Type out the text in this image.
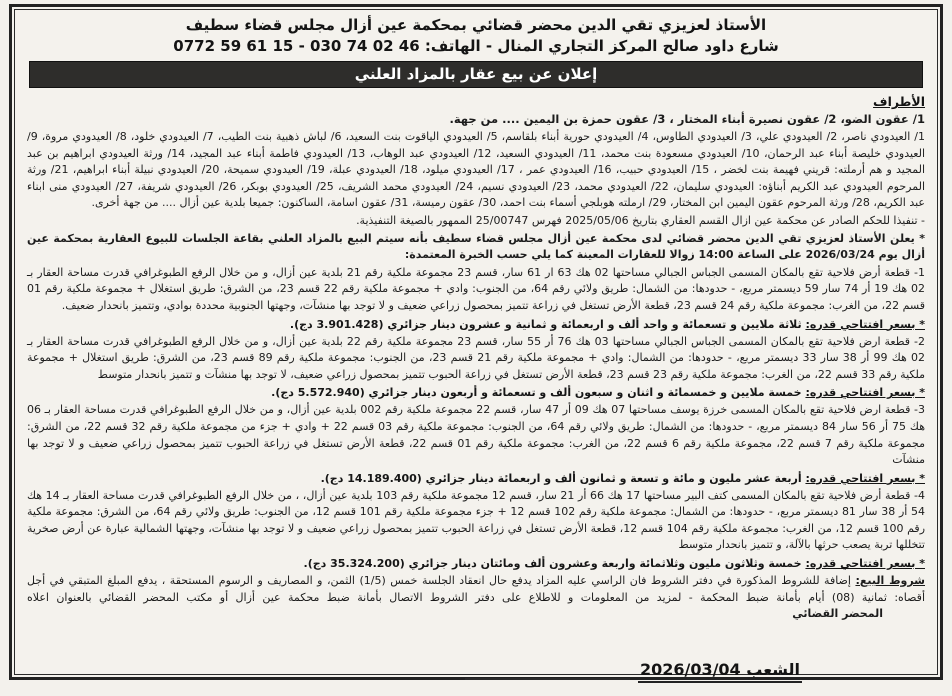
الأستاذ لعزيزي تقي الدين محضر قضائي بمحكمة عين أزال مجلس قضاء سطيف
شارع داود صالح المركز التجاري المنال - الهاتف: 46 02 74 030 - 15 61 59 0772
إعلان عن بيع عقار بالمزاد العلني
الأطراف

1/ عقون الضو، 2/ عقون نصيرة أبناء المختار ، 3/ عقون حمزة بن اليمين .... من جهة.

1/ العيدودي ناصر، 2/ العيدودي علي، 3/ العيدودي الطاوس، 4/ العيدودي حورية أبناء بلقاسم، 5/ العيدودي الياقوت بنت السعيد، 6/ لباش ذهبية بنت الطيب، 7/ العيدودي خلود، 8/ العيدودي مروة، 9/ العيدودي خليصة أبناء عبد الرحمان، 10/ العيدودي مسعودة بنت محمد، 11/ العيدودي السعيد، 12/ العيدودي عبد الوهاب، 13/ العيدودي فاطمة أبناء عبد المجيد، 14/ ورثة العيدودي ابراهيم بن عبد المجيد و هم أرملته: قريني فهيمة بنت لخضر ، 15/ العيدودي حبيب، 16/ العيدودي عمر ، 17/ العيدودي ميلود، 18/ العيدودي عبلة، 19/ العيدودي سميحة، 20/ العيدودي نبيلة أبناء ابراهيم، 21/ ورثة المرحوم العيدودي عبد الكريم أبناؤه: العيدودي سليمان، 22/ العيدودي محمد، 23/ العيدودي نسيم، 24/ العيدودي محمد الشريف، 25/ العيدودي بوبكر، 26/ العيدودي شريفة، 27/ العيدودي منى ابناء عبد الكريم، 28/ ورثة المرحوم عقون اليمين ابن المختار، 29/ ارملته هوبلجي أسماء بنت احمد، 30/ عقون رميسة، 31/ عقون اسامة، الساكنون: جميعا بلدية عين أزال .... من جهة أخرى.

- تنفيذا للحكم الصادر عن محكمة عين ازال القسم العقاري بتاريخ 2025/05/06 فهرس 25/00747 الممهور بالصيغة التنفيذية.

* يعلن الأستاذ لعزيزي تقي الدين محضر قضائي لدى محكمة عين أزال مجلس قضاء سطيف بأنه سيتم البيع بالمزاد العلني بقاعة الجلسات للبيوع العقارية بمحكمة عين أزال يوم 2026/03/24 على الساعة 14:00 زوالا للعقارات المعينة كما يلي حسب الخبرة المعتمدة:

1- قطعة أرض فلاحية تقع بالمكان المسمى الجباس الجبالي مساحتها 02 هك 63 ار 61 سار، قسم 23 مجموعة ملكية رقم 21 بلدية عين أزال، و من خلال الرفع الطبوغرافي قدرت مساحة العقار بـ 02 هك 19 أر 74 سار 59 ديسمتر مربع، - حدودها: من الشمال: طريق ولائي رقم 64، من الجنوب: وادي + مجموعة ملكية رقم 22 قسم 23، من الشرق: طريق استغلال + مجموعة ملكية رقم 01 قسم 22، من الغرب: مجموعة ملكية رقم 24 قسم 23، قطعة الأرض تستغل في زراعة تتميز بمحصول زراعي ضعيف و لا توجد بها منشآت، وجهتها الجنوبية محددة بوادي، وتتميز بانحدار ضعيف.

* بسعر افتتاحي قدره: ثلاثة ملايين و تسعمائة و واحد ألف و اربعمائة و ثمانية و عشرون دينار جزائري (3.901.428 دج).

2- قطعة ارض فلاحية تقع بالمكان المسمى الجباس الجبالي مساحتها 03 هك 76 أر 55 سار، قسم 23 مجموعة ملكية رقم 22 بلدية عين أزال، و من خلال الرفع الطبوغرافي قدرت مساحة العقار بـ 02 هك 99 أر 38 سار 33 ديسمتر مربع، - حدودها: من الشمال: وادي + مجموعة ملكية رقم 21 قسم 23، من الجنوب: مجموعة ملكية رقم 89 قسم 23، من الشرق: طريق استغلال + مجموعة ملكية رقم 33 قسم 22، من الغرب: مجموعة ملكية رقم 23 قسم 23، قطعة الأرض تستغل في زراعة الحبوب تتميز بمحصول زراعي ضعيف، لا توجد بها منشآت و تتميز بانحدار متوسط

* بسعر افتتاحي قدره: خمسة ملايين و خمسمائة و اثنان و سبعون ألف و تسعمائة و أربعون دينار جزائري (5.572.940 دج).

3- قطعة ارض فلاحية تقع بالمكان المسمى خرزة يوسف مساحتها 07 هك 09 أر 47 سار، قسم 22 مجموعة ملكية رقم 002 بلدية عين أزال، و من خلال الرفع الطبوغرافي قدرت مساحة العقار بـ 06 هك 75 أر 56 سار 84 ديسمتر مربع، - حدودها: من الشمال: طريق ولائي رقم 64، من الجنوب: مجموعة ملكية رقم 03 قسم 22 + وادي + جزء من مجموعة ملكية رقم 32 قسم 22، من الشرق: مجموعة ملكية رقم 7 قسم 22، مجموعة ملكية رقم 6 قسم 22، من الغرب: مجموعة ملكية رقم 01 قسم 22، قطعة الأرض تستغل في زراعة الحبوب تتميز بمحصول زراعي ضعيف و لا توجد بها منشآت

* بسعر افتتاحي قدره: أربعة عشر مليون و مائة و تسعة و ثمانون ألف و اربعمائة دينار جزائري (14.189.400 دج).

4- قطعة أرض فلاحية تقع بالمكان المسمى كتف البير مساحتها 17 هك 66 أر 21 سار، قسم 12 مجموعة ملكية رقم 103 بلدية عين أزال، ، من خلال الرفع الطبوغرافي قدرت مساحة العقار بـ 14 هك 54 أر 38 سار 81 ديسمتر مربع، - حدودها: من الشمال: مجموعة ملكية رقم 102 قسم 12 + جزء مجموعة ملكية رقم 101 قسم 12، من الجنوب: طريق ولائي رقم 64، من الشرق: مجموعة ملكية رقم 100 قسم 12، من الغرب: مجموعة ملكية رقم 104 قسم 12، قطعة الأرض تستغل في زراعة الحبوب تتميز بمحصول زراعي ضعيف و لا توجد بها منشآت، وجهتها الشمالية عبارة عن أرض صخرية تتخللها تربة يصعب حرثها بالآلة، و تتميز بانحدار متوسط

* بسعر افتتاحي قدره: خمسة وثلاثون مليون وثلاثمائة واربعة وعشرون ألف ومائتان دينار جزائري (35.324.200 دج).

شروط البيع: إضافة للشروط المذكورة في دفتر الشروط فان الراسي عليه المزاد يدفع حال انعقاد الجلسة خمس (1/5) الثمن، و المصاريف و الرسوم المستحقة ، يدفع المبلغ المتبقي في أجل أقصاه: ثمانية (08) أيام بأمانة ضبط المحكمة - لمزيد من المعلومات و للاطلاع على دفتر الشروط الاتصال بأمانة ضبط محكمة عين أزال أو مكتب المحضر القضائي بالعنوان اعلاه المحضر القضائي

الشعب 2026/03/04
